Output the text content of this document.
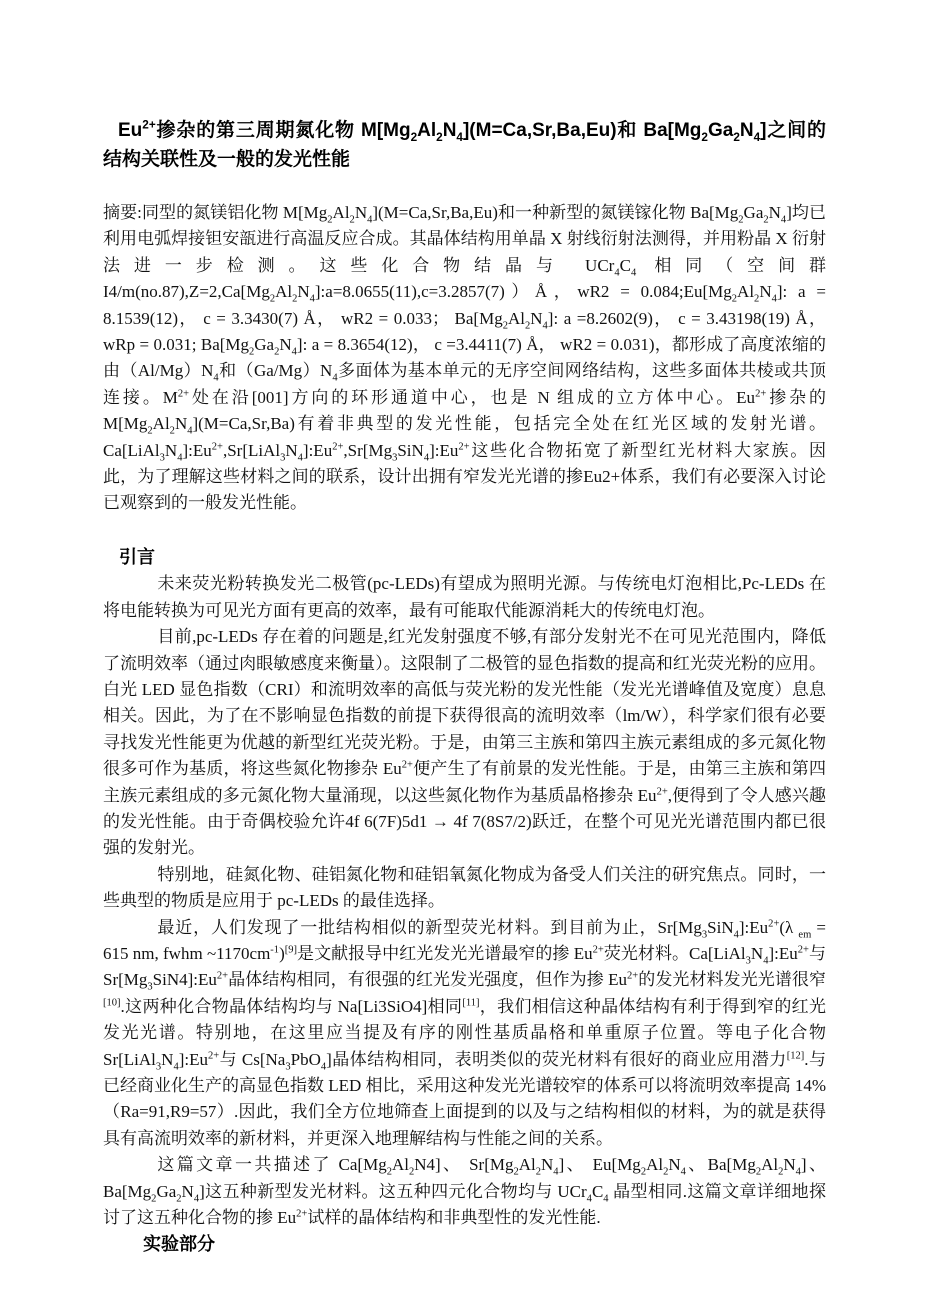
$Eu^{2+}$掺杂的第三周期氮化物 $M[Mg_2Al_2N_4](M=Ca,Sr,Ba,Eu)$和 $Ba[Mg_2Ga_2N_4]$之间的结构关联性及一般的发光性能

摘要:同型的氮镁铝化物 $M[Mg_2Al_2N_4](M=Ca,Sr,Ba,Eu)$和一种新型的氮镁镓化物 $Ba[Mg_2Ga_2N_4]$均已利用电弧焊接钽安瓿进行高温反应合成。其晶体结构用单晶 X 射线衍射法测得，并用粉晶 X 衍射法进一步检测。这些化合物结晶与 $UCr_4C_4$ 相同（空间群 $I4/m(no.87),Z=2,Ca[Mg_2Al_2N_4]:a=8.0655(11),c=3.2857(7))Å$，$wR2 = 0.084;Eu[Mg_2Al_2N_4]$: a = 8.1539(12)， c = 3.3430(7) Å， wR2 = 0.033； $Ba[Mg_2Al_2N_4]$: a =8.2602(9)， c = 3.43198(19) Å， wRp = 0.031; $Ba[Mg_2Ga_2N_4]$: a = 8.3654(12)， c =3.4411(7) Å， wR2 = 0.031)，都形成了高度浓缩的由$(Al/Mg)N_4$和$(Ga/Mg)N_4$多面体为基本单元的无序空间网络结构，这些多面体共棱或共顶连接。$M^{2+}$处在沿[001]方向的环形通道中心，也是 N 组成的立方体中心。$Eu^{2+}$掺杂的 $M[Mg_2Al_2N_4](M=Ca,Sr,Ba)$有着非典型的发光性能，包括完全处在红光区域的发射光谱。$Ca[LiAl_3N_4]:Eu^{2+},Sr[LiAl_3N_4]:Eu^{2+},Sr[Mg_3SiN_4]:Eu^{2+}$这些化合物拓宽了新型红光材料大家族。因此，为了理解这些材料之间的联系，设计出拥有窄发光光谱的掺Eu2+体系，我们有必要深入讨论已观察到的一般发光性能。

引言

未来荧光粉转换发光二极管(pc-LEDs)有望成为照明光源。与传统电灯泡相比,Pc-LEDs 在将电能转换为可见光方面有更高的效率，最有可能取代能源消耗大的传统电灯泡。

目前,pc-LEDs 存在着的问题是,红光发射强度不够,有部分发射光不在可见光范围内，降低了流明效率（通过肉眼敏感度来衡量）。这限制了二极管的显色指数的提高和红光荧光粉的应用。白光 LED 显色指数（CRI）和流明效率的高低与荧光粉的发光性能（发光光谱峰值及宽度）息息相关。因此，为了在不影响显色指数的前提下获得很高的流明效率（lm/W），科学家们很有必要寻找发光性能更为优越的新型红光荧光粉。于是，由第三主族和第四主族元素组成的多元氮化物很多可作为基质，将这些氮化物掺杂 $Eu^{2+}$便产生了有前景的发光性能。于是，由第三主族和第四主族元素组成的多元氮化物大量涌现，以这些氮化物作为基质晶格掺杂 $Eu^{2+}$,便得到了令人感兴趣的发光性能。由于奇偶校验允许4f 6(7F)5d1 → 4f 7(8S7/2)跃迁，在整个可见光光谱范围内都已很强的发射光。

特别地，硅氮化物、硅铝氮化物和硅铝氧氮化物成为备受人们关注的研究焦点。同时，一些典型的物质是应用于 pc-LEDs 的最佳选择。

最近，人们发现了一批结构相似的新型荧光材料。到目前为止，$Sr[Mg_3SiN_4]:Eu^{2+}(\lambda$ $_{em}$ = 615 nm, fwhm $\sim 1170cm^{-1})[9]$是文献报导中红光发光光谱最窄的掺 $Eu^{2+}$荧光材料。$Ca[LiAl_3N_4]:Eu^{2+}$与 $Sr[Mg_3SiN4]:Eu^{2+}$晶体结构相同，有很强的红光发光强度，但作为掺 $Eu^{2+}$的发光材料发光光谱很窄[10].这两种化合物晶体结构均与 Na[Li3SiO4]相同[11]，我们相信这种晶体结构有利于得到窄的红光发光光谱。特别地，在这里应当提及有序的刚性基质晶格和单重原子位置。等电子化合物 $Sr[LiAl_3N_4]:Eu^{2+}$与 $Cs[Na_3PbO_4]$晶体结构相同，表明类似的荧光材料有很好的商业应用潜力[12].与已经商业化生产的高显色指数 LED 相比，采用这种发光光谱较窄的体系可以将流明效率提高 14%（Ra=91,R9=57）.因此，我们全方位地筛查上面提到的以及与之结构相似的材料，为的就是获得具有高流明效率的新材料，并更深入地理解结构与性能之间的关系。

这篇文章一共描述了 $Ca[Mg_2Al_2N4]$、 $Sr[Mg_2Al_2N_4]$、 $Eu[Mg_2Al_2N_4$、$Ba[Mg_2Al_2N_4]$、$Ba[Mg_2Ga_2N_4]$这五种新型发光材料。这五种四元化合物均与 $UCr_4C_4$ 晶型相同.这篇文章详细地探讨了这五种化合物的掺 $Eu^{2+}$试样的晶体结构和非典型性的发光性能.

实验部分
